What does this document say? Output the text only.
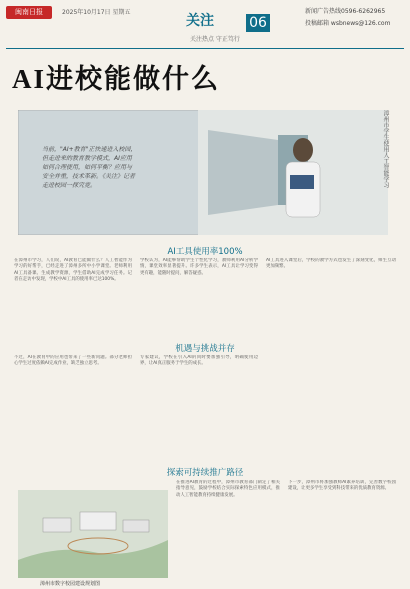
闽南日报	2025年10月17日 星期五
关注	06
关注热点 守正笃行
新闻广告热线0596-6262965
投稿邮箱 wsbnews@126.com
AI进校能做什么
当前，"AI+教育"正快速进入校园，但走进来的教育教学模式，AI应用如何合理使用，如何平衡？应用与安全并重，技术革新。《关注》记者走进校园一探究竟。	漳州市学生使用人工智能学习
AI工具使用率100%
在漳州市学习，人们说，AI教育已能做什么？人工智能作为学习的好帮手，已经走进了漳州多所中小学课堂。老师利用AI工具备课、生成教学资源，学生借助AI完成学习任务。记者在走访中发现，学校中AI工具的使用率已达100%。
学校认为，AI能够帮助学生个性化学习，教师利用AI分析学情，课堂效率显著提升。许多学生表示，AI工具让学习变得更有趣，能随时提问，解答疑惑。
AI工具进入课堂后，学校的教学方式也发生了深刻变化，师生互动更加频繁。
机遇与挑战并存
不过，AI在教育中的应用也带来了一些新问题。部分老师担心学生过度依赖AI完成作业，缺乏独立思考。
专家建议，学校在引入AI的同时要加强引导，明确使用边界，让AI真正服务于学生的成长。
探索可持续推广路径
在推进AI教育的过程中，漳州市教育部门制定了相关指导意见，鼓励学校结合实际探索特色应用模式，推动人工智能教育持续健康发展。
下一步，漳州市将加强教师AI素养培训，完善数字校园建设，让更多学生享受到科技带来的优质教育资源。
漳州市数字校园建设规划图
